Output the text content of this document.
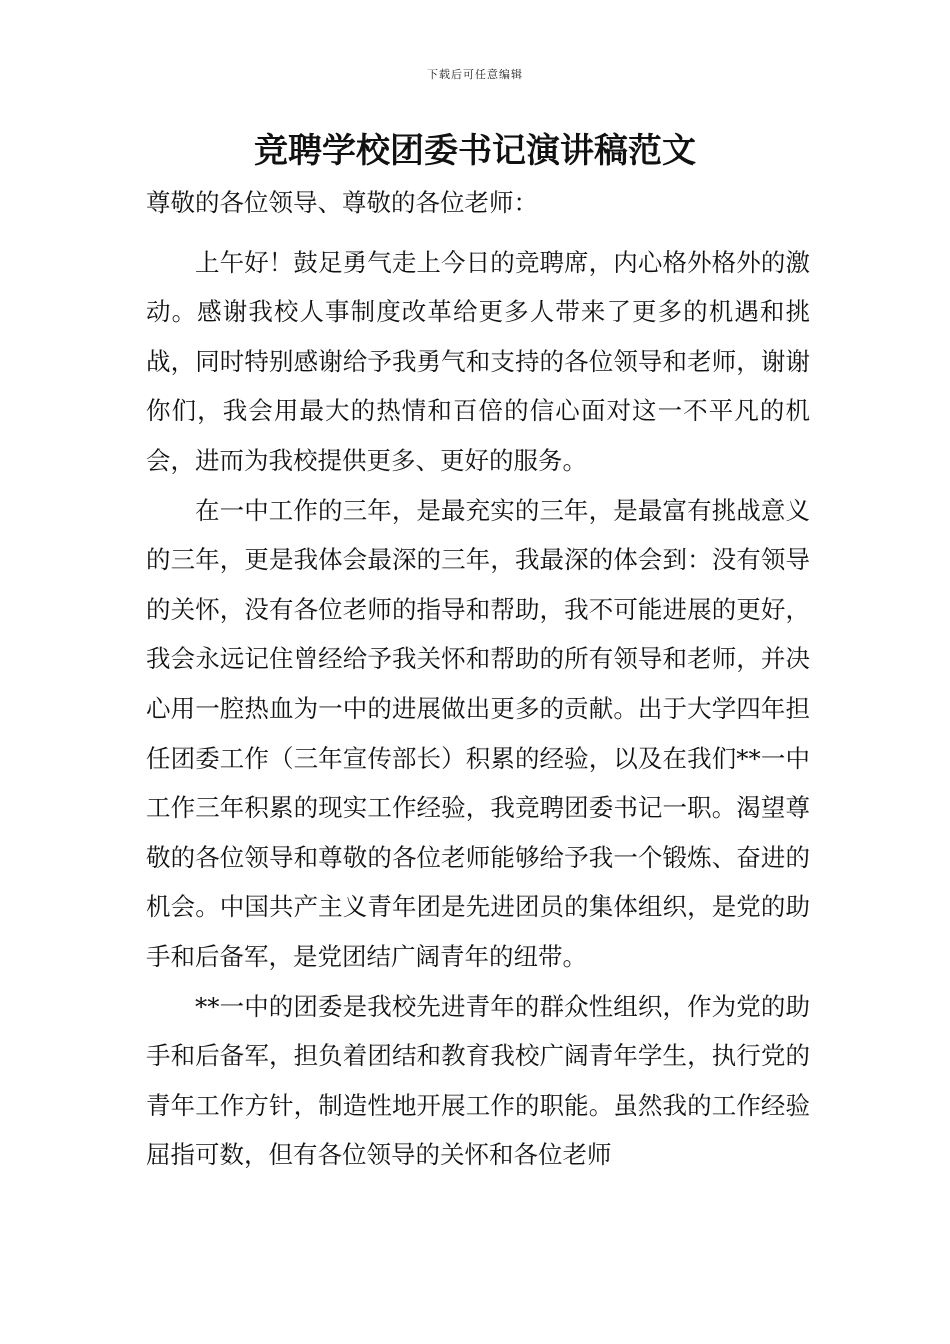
下载后可任意编辑
竞聘学校团委书记演讲稿范文

尊敬的各位领导、尊敬的各位老师：

上午好！鼓足勇气走上今日的竞聘席，内心格外格外的激动。感谢我校人事制度改革给更多人带来了更多的机遇和挑战，同时特别感谢给予我勇气和支持的各位领导和老师，谢谢你们，我会用最大的热情和百倍的信心面对这一不平凡的机会，进而为我校提供更多、更好的服务。

在一中工作的三年，是最充实的三年，是最富有挑战意义的三年，更是我体会最深的三年，我最深的体会到：没有领导的关怀，没有各位老师的指导和帮助，我不可能进展的更好，我会永远记住曾经给予我关怀和帮助的所有领导和老师，并决心用一腔热血为一中的进展做出更多的贡献。出于大学四年担任团委工作（三年宣传部长）积累的经验，以及在我们**一中工作三年积累的现实工作经验，我竞聘团委书记一职。渴望尊敬的各位领导和尊敬的各位老师能够给予我一个锻炼、奋进的机会。中国共产主义青年团是先进团员的集体组织，是党的助手和后备军，是党团结广阔青年的纽带。

**一中的团委是我校先进青年的群众性组织，作为党的助手和后备军，担负着团结和教育我校广阔青年学生，执行党的青年工作方针，制造性地开展工作的职能。虽然我的工作经验屈指可数，但有各位领导的关怀和各位老师
